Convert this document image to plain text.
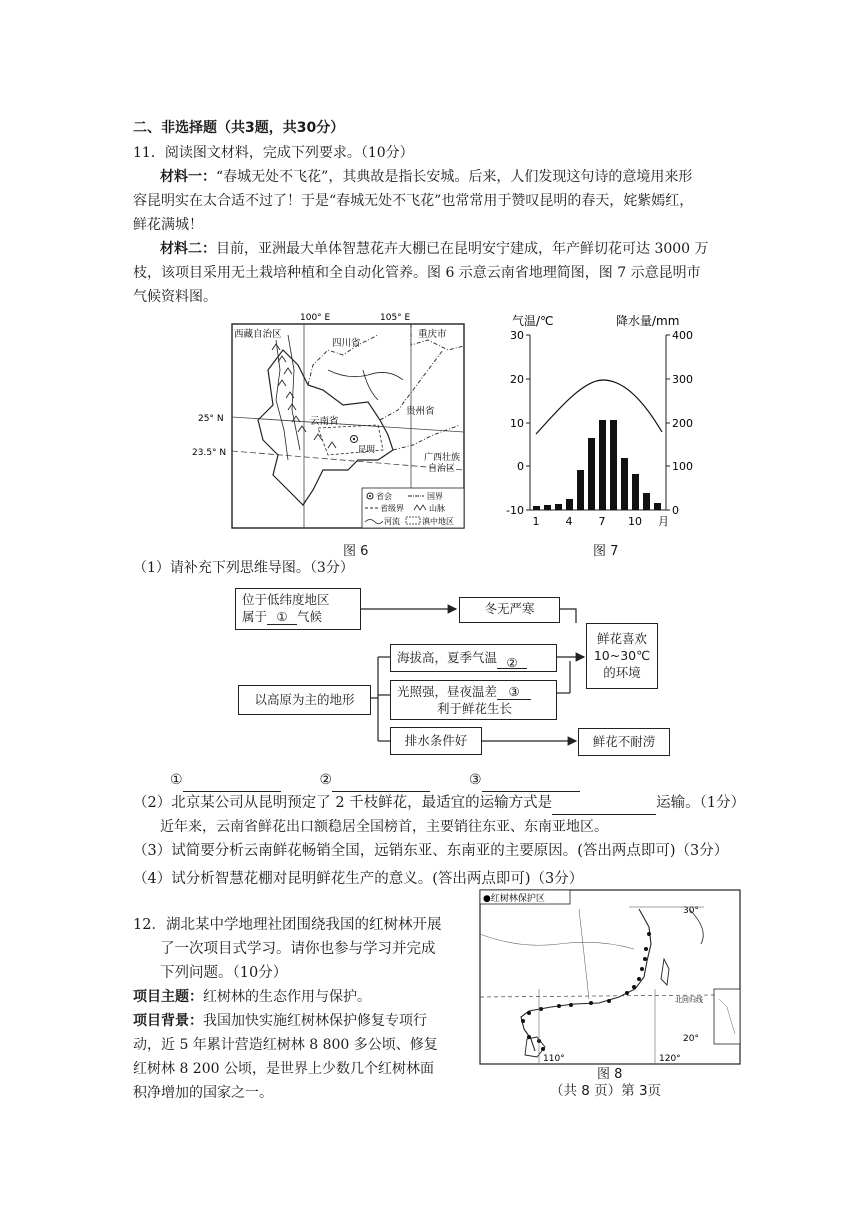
二、非选择题（共3题，共30分）
11．阅读图文材料，完成下列要求。（10分）
材料一：“春城无处不飞花”，其典故是指长安城。后来，人们发现这句诗的意境用来形
容昆明实在太合适不过了！于是“春城无处不飞花”也常常用于赞叹昆明的春天，姹紫嫣红，
鲜花满城！
材料二：目前，亚洲最大单体智慧花卉大棚已在昆明安宁建成，年产鲜切花可达 3000 万
枝，该项目采用无土栽培种植和全自动化管养。图 6 示意云南省地理简图，图 7 示意昆明市
气候资料图。
100° E	105° E
西藏自治区
四川省
重庆市
云南省
贵州省
广西壮族
自治区
昆明
25° N
23.5° N
省会	国界
省级界	山脉
河流	滇中地区
图 6
气温/℃	降水量/mm
30
20
10
0
-10
400
300
200
100
0
1 4 7 10 月
图 7
（1）请补充下列思维导图。（3分）
位于低纬度地区
属于 ① 气候
冬无严寒
以高原为主的地形
海拔高，夏季气温 ②
光照强，昼夜温差 ③
利于鲜花生长
排水条件好
鲜花喜欢
10~30℃
的环境
鲜花不耐涝
①	②	③
（2）北京某公司从昆明预定了 2 千枝鲜花，最适宜的运输方式是	运输。（1分）
近年来，云南省鲜花出口额稳居全国榜首，主要销往东亚、东南亚地区。
（3）试简要分析云南鲜花畅销全国，远销东亚、东南亚的主要原因。(答出两点即可)（3分）
（4）试分析智慧花棚对昆明鲜花生产的意义。(答出两点即可)（3分）
12．湖北某中学地理社团围绕我国的红树林开展
了一次项目式学习。请你也参与学习并完成
下列问题。（10分）
项目主题：红树林的生态作用与保护。
项目背景：我国加快实施红树林保护修复专项行
动，近 5 年累计营造红树林 8 800 多公顷、修复
红树林 8 200 公顷，是世界上少数几个红树林面
积净增加的国家之一。
●红树林保护区
30°
北回归线
20°
110°	120°
图 8
（共 8 页）第 3页
